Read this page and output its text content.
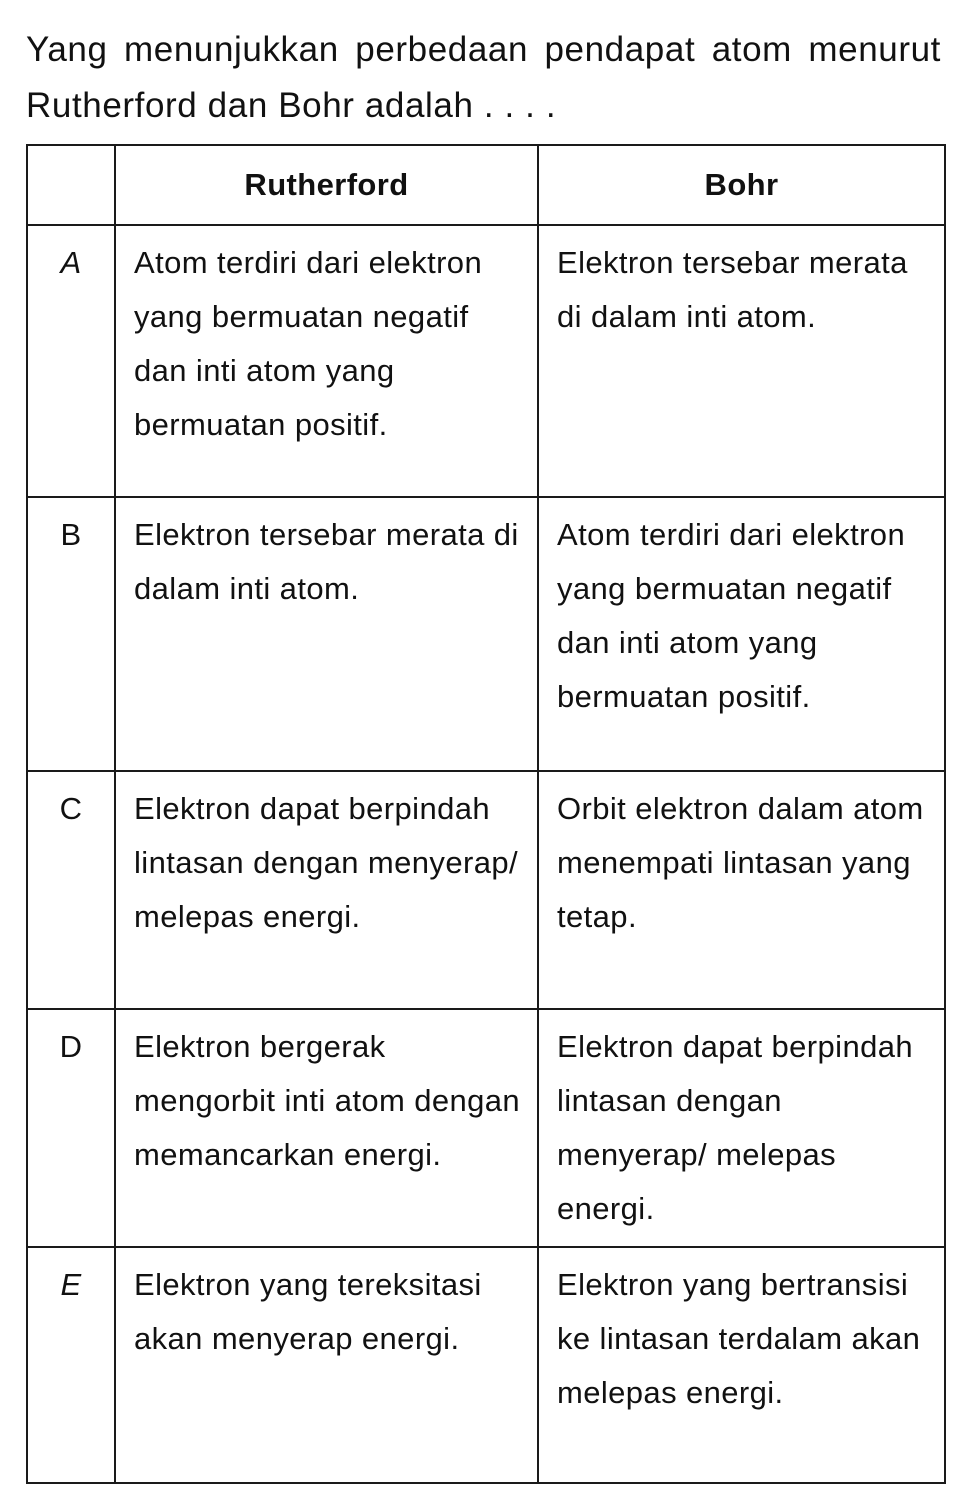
Yang menunjukkan perbedaan pendapat atom menurut Rutherford dan Bohr adalah . . . .

	Rutherford	Bohr
A	Atom terdiri dari elektron yang bermuatan negatif dan inti atom yang bermuatan positif.	Elektron tersebar merata di dalam inti atom.

B	Elektron tersebar merata di dalam inti atom.	Atom terdiri dari elektron yang bermuatan negatif dan inti atom yang bermuatan positif.

C	Elektron dapat berpindah lintasan dengan menyerap/ melepas energi.	Orbit elektron dalam atom menempati lintasan yang tetap.

D	Elektron bergerak mengorbit inti atom dengan memancarkan energi.	Elektron dapat berpindah lintasan dengan menyerap/ melepas energi.

E	Elektron yang tereksitasi akan menyerap energi.	Elektron yang bertransisi ke lintasan terdalam akan melepas energi.
